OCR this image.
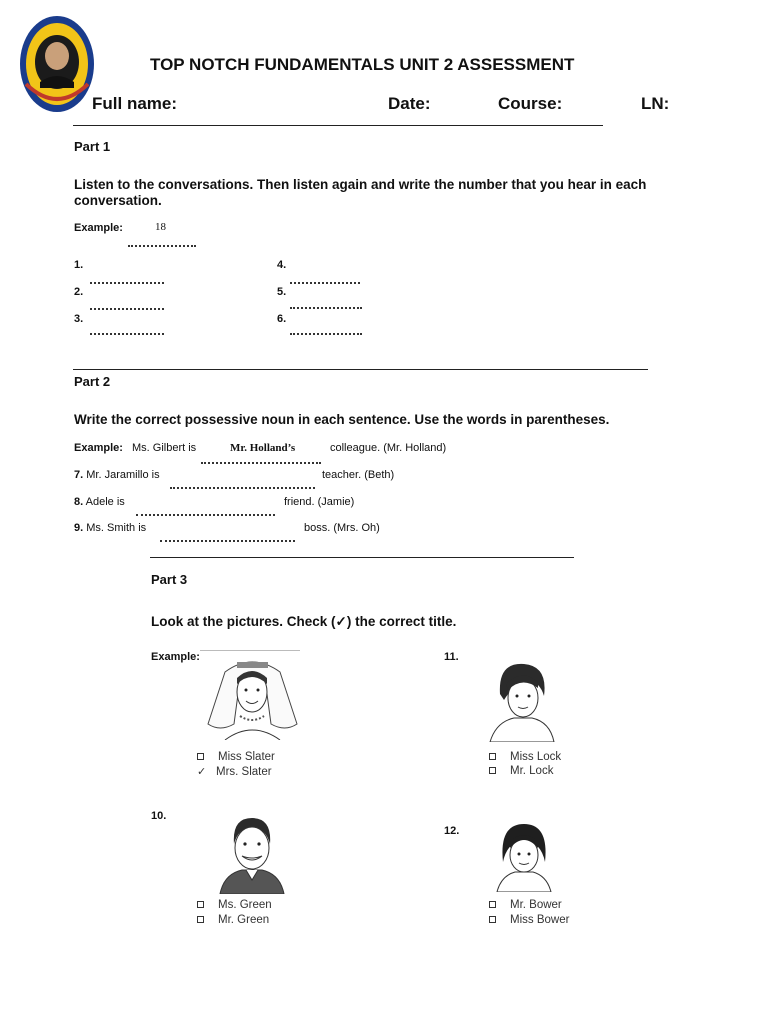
TOP NOTCH FUNDAMENTALS UNIT 2 ASSESSMENT
Full name:	Date:	Course:	LN:
Part 1
Listen to the conversations. Then listen again and write the number that you hear in each conversation.
Example:	18
1.
2.
3.
4.
5.
6.
Part 2
Write the correct possessive noun in each sentence. Use the words in parentheses.
Example: Ms. Gilbert is	Mr. Holland’s	colleague. (Mr. Holland)
7. Mr. Jaramillo is	teacher. (Beth)
8. Adele is	friend. (Jamie)
9. Ms. Smith is	boss. (Mrs. Oh)
Part 3
Look at the pictures. Check (✓) the correct title.
Example:
Miss Slater
✓ Mrs. Slater
11.
Miss Lock
Mr. Lock
10.
Ms. Green
Mr. Green
12.
Mr. Bower
Miss Bower
